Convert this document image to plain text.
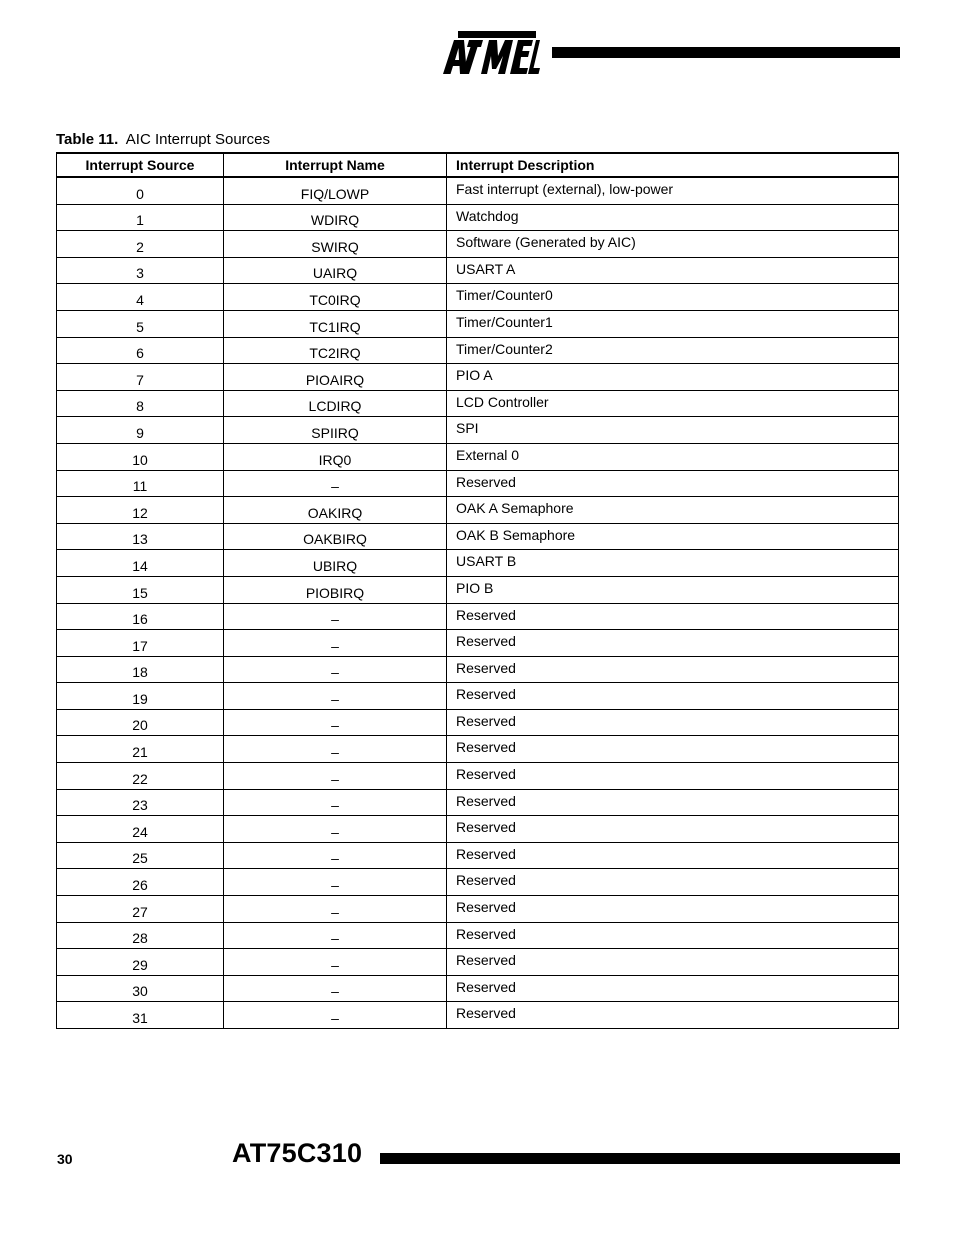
Table 11. AIC Interrupt Sources
Interrupt Source	Interrupt Name	Interrupt Description
0	FIQ/LOWP	Fast interrupt (external), low-power
1	WDIRQ	Watchdog
2	SWIRQ	Software (Generated by AIC)
3	UAIRQ	USART A
4	TC0IRQ	Timer/Counter0
5	TC1IRQ	Timer/Counter1
6	TC2IRQ	Timer/Counter2
7	PIOAIRQ	PIO A
8	LCDIRQ	LCD Controller
9	SPIIRQ	SPI
10	IRQ0	External 0
11	–	Reserved
12	OAKIRQ	OAK A Semaphore
13	OAKBIRQ	OAK B Semaphore
14	UBIRQ	USART B
15	PIOBIRQ	PIO B
16	–	Reserved
17	–	Reserved
18	–	Reserved
19	–	Reserved
20	–	Reserved
21	–	Reserved
22	–	Reserved
23	–	Reserved
24	–	Reserved
25	–	Reserved
26	–	Reserved
27	–	Reserved
28	–	Reserved
29	–	Reserved
30	–	Reserved
31	–	Reserved
30	AT75C310
